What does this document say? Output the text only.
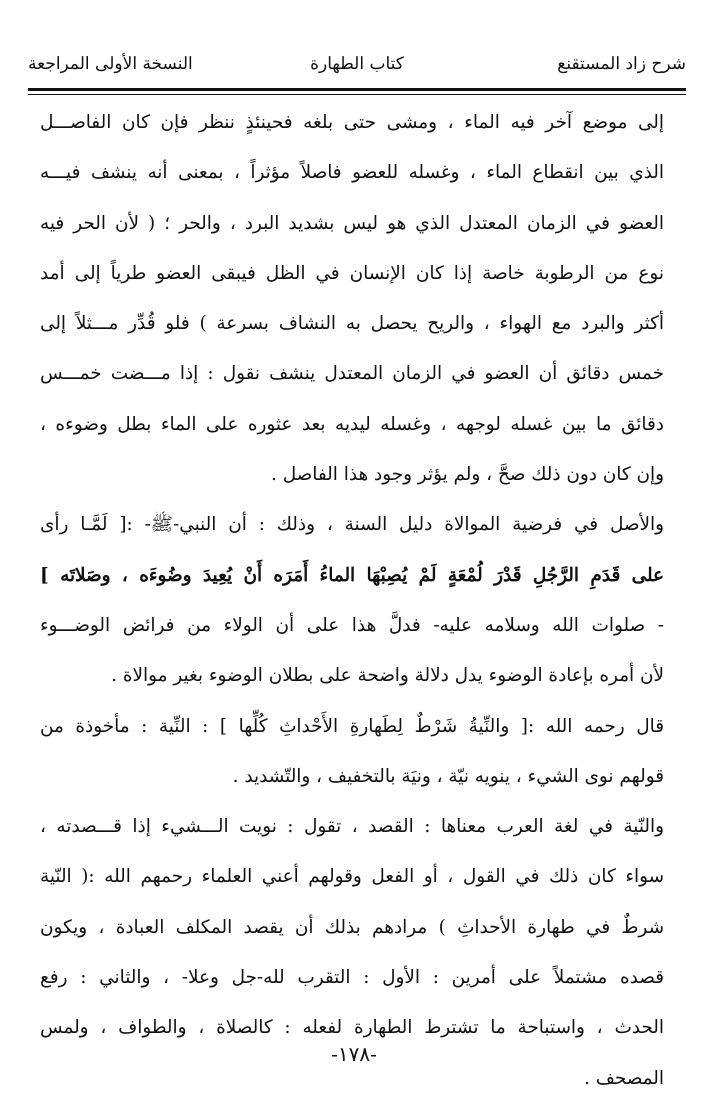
شرح زاد المستقنع
كتاب الطهارة
النسخة الأولى المراجعة
إلى موضع آخر فيه الماء ، ومشى حتى بلغه فحينئذٍ ننظر فإن كان الفاصـــل
الذي بين انقطاع الماء ، وغسله للعضو فاصلاً مؤثراً ، بمعنى أنه ينشف فيـــه
العضو في الزمان المعتدل الذي هو ليس بشديد البرد ، والحر ؛ ( لأن الحر فيه
نوع من الرطوبة خاصة إذا كان الإنسان في الظل فيبقى العضو طرياً إلى أمد
أكثر والبرد مع الهواء ، والريح يحصل به النشاف بسرعة ) فلو قُدِّر مـــثلاً إلى
خمس دقائق أن العضو في الزمان المعتدل ينشف نقول : إذا مـــضت خمـــس
دقائق ما بين غسله لوجهه ، وغسله ليديه بعد عثوره على الماء بطل وضوءه ،
وإن كان دون ذلك صحَّ ، ولم يؤثر وجود هذا الفاصل .
والأصل في فرضية الموالاة دليل السنة ، وذلك : أن النبي-ﷺ- :[ لَمَّـا رأى
على قَدَمِ الرَّجُلِ قَدْرَ لُمْعَةٍ لَمْ يُصِبْهَا الماءُ أَمَرَه أَنْ يُعِيدَ وضُوءَه ، وصَلاتَه ]
- صلوات الله وسلامه عليه- فدلَّ هذا على أن الولاء من فرائض الوضـــوء
لأن أمره بإعادة الوضوء يدل دلالة واضحة على بطلان الوضوء بغير موالاة .
قال رحمه الله :[ والنِّيةُ شَرْطٌ لِطَهارةِ الأَحْداثِ كُلِّها ] : النِّية : مأخوذة من
قولهم نوى الشيء ، ينويه نيّة ، ونيَة بالتخفيف ، والتّشديد .
والنّية في لغة العرب معناها : القصد ، تقول : نويت الـــشيء إذا قـــصدته ،
سواء كان ذلك في القول ، أو الفعل وقولهم أعني العلماء رحمهم الله :( النّية
شرطٌ في طهارة الأحداثِ ) مرادهم بذلك أن يقصد المكلف العبادة ، ويكون
قصده مشتملاً على أمرين : الأول : التقرب لله-جل وعلا- ، والثاني : رفع
الحدث ، واستباحة ما تشترط الطهارة لفعله : كالصلاة ، والطواف ، ولمس
المصحف .
-١٧٨-
